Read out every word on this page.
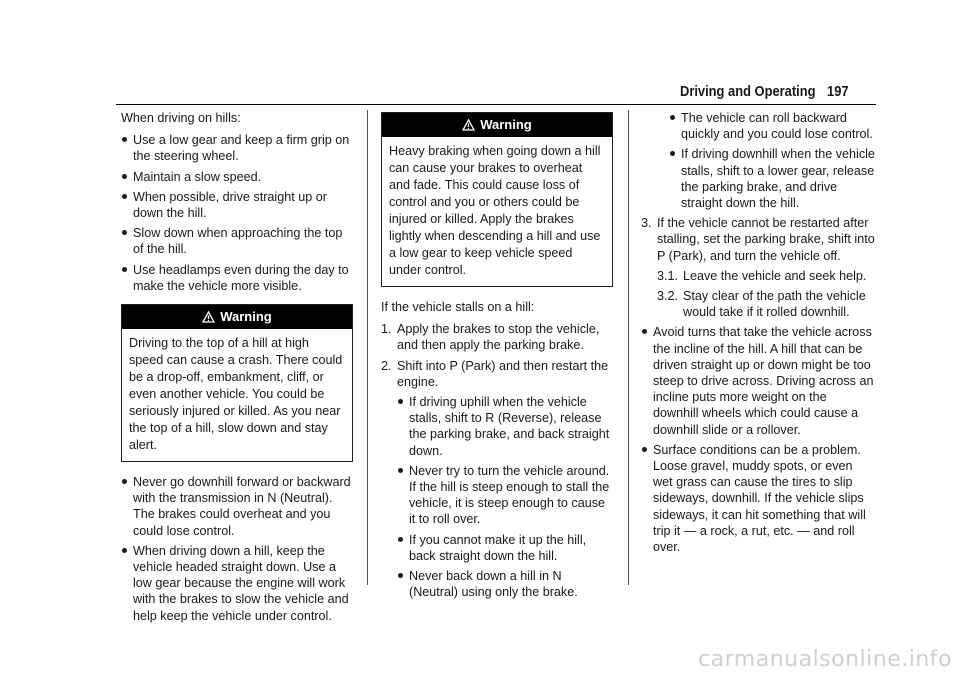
Driving and Operating 197

When driving on hills:

Use a low gear and keep a firm grip on the steering wheel.
Maintain a slow speed.
When possible, drive straight up or down the hill.
Slow down when approaching the top of the hill.
Use headlamps even during the day to make the vehicle more visible.
Warning
Driving to the top of a hill at high speed can cause a crash. There could be a drop-off, embankment, cliff, or even another vehicle. You could be seriously injured or killed. As you near the top of a hill, slow down and stay alert.
Never go downhill forward or backward with the transmission in N (Neutral). The brakes could overheat and you could lose control.
When driving down a hill, keep the vehicle headed straight down. Use a low gear because the engine will work with the brakes to slow the vehicle and help keep the vehicle under control.
Warning
Heavy braking when going down a hill can cause your brakes to overheat and fade. This could cause loss of control and you or others could be injured or killed. Apply the brakes lightly when descending a hill and use a low gear to keep vehicle speed under control.

If the vehicle stalls on a hill:

1. Apply the brakes to stop the vehicle, and then apply the parking brake.
2. Shift into P (Park) and then restart the engine.
If driving uphill when the vehicle stalls, shift to R (Reverse), release the parking brake, and back straight down.
Never try to turn the vehicle around. If the hill is steep enough to stall the vehicle, it is steep enough to cause it to roll over.
If you cannot make it up the hill, back straight down the hill.
Never back down a hill in N (Neutral) using only the brake.
The vehicle can roll backward quickly and you could lose control.
If driving downhill when the vehicle stalls, shift to a lower gear, release the parking brake, and drive straight down the hill.
3. If the vehicle cannot be restarted after stalling, set the parking brake, shift into P (Park), and turn the vehicle off.
3.1. Leave the vehicle and seek help.
3.2. Stay clear of the path the vehicle would take if it rolled downhill.
Avoid turns that take the vehicle across the incline of the hill. A hill that can be driven straight up or down might be too steep to drive across. Driving across an incline puts more weight on the downhill wheels which could cause a downhill slide or a rollover.
Surface conditions can be a problem. Loose gravel, muddy spots, or even wet grass can cause the tires to slip sideways, downhill. If the vehicle slips sideways, it can hit something that will trip it — a rock, a rut, etc. — and roll over.
carmanualsonline.info
